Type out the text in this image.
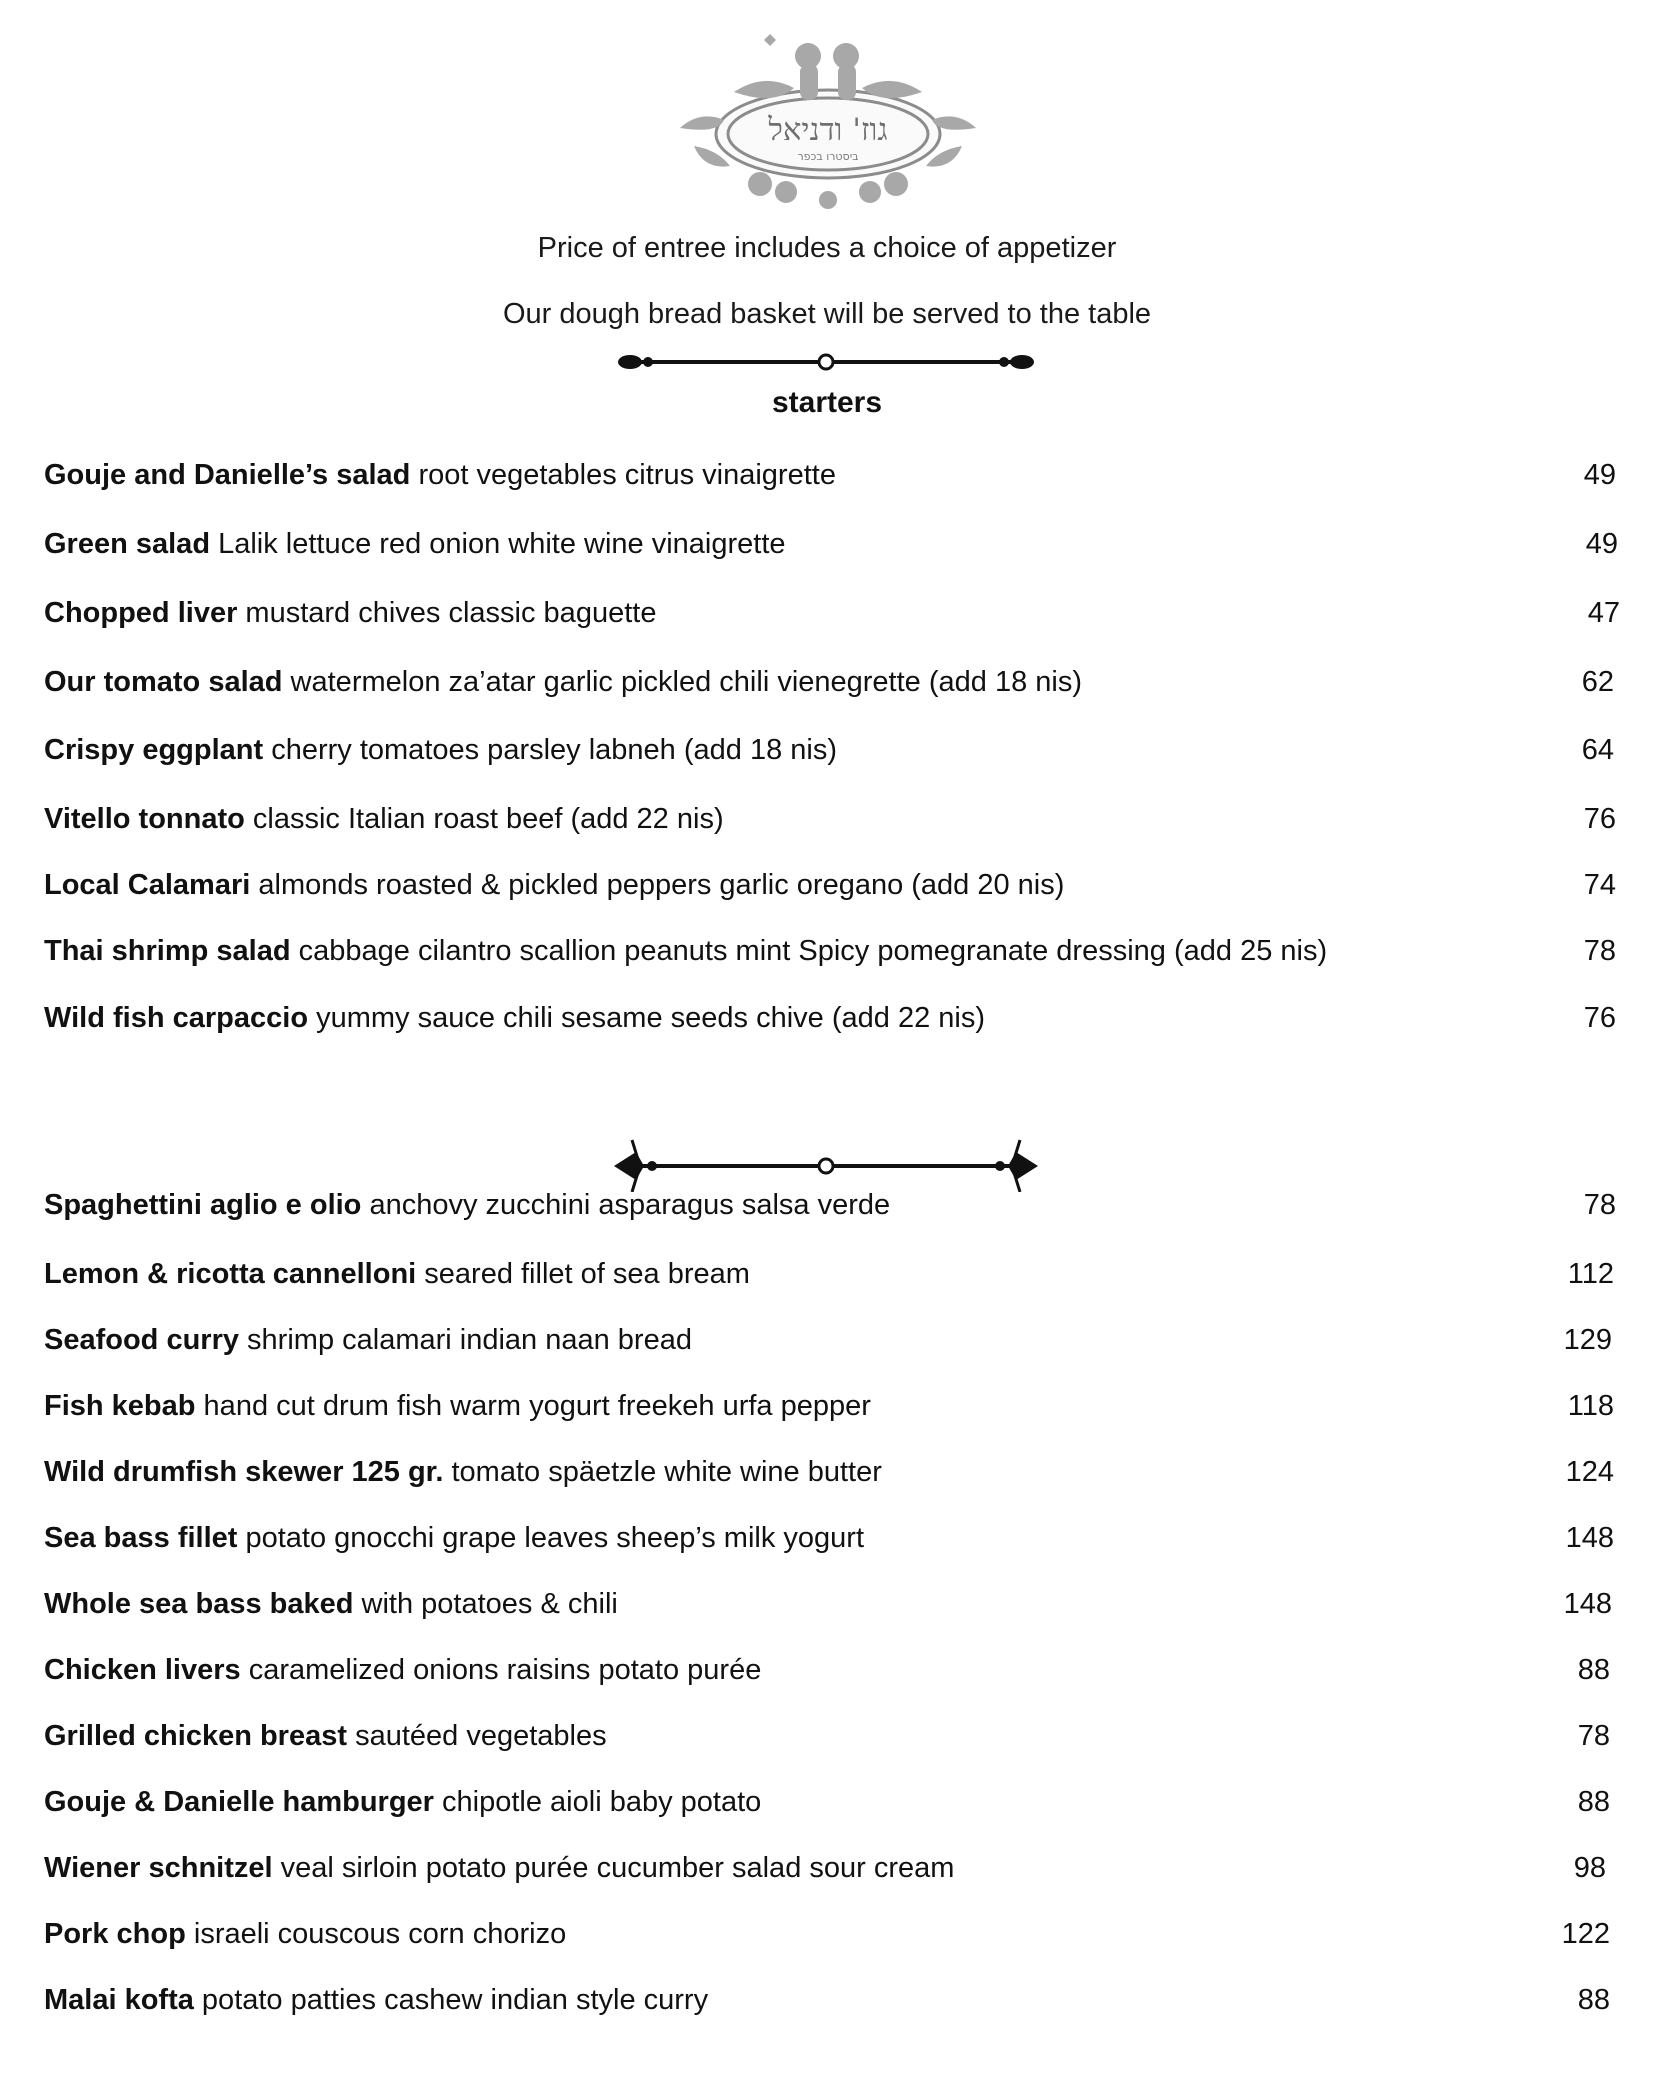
גוז' ודניאל
ביסטרו בכפר
Price of entree includes a choice of appetizer
Our dough bread basket will be served to the table
starters
Gouje and Danielle’s salad root vegetables citrus vinaigrette	49
Green salad Lalik lettuce red onion white wine vinaigrette	49
Chopped liver mustard chives classic baguette	47
Our tomato salad watermelon za’atar garlic pickled chili vienegrette (add 18 nis)	62
Crispy eggplant cherry tomatoes parsley labneh (add 18 nis)	64
Vitello tonnato classic Italian roast beef (add 22 nis)	76
Local Calamari almonds roasted & pickled peppers garlic oregano (add 20 nis)	74
Thai shrimp salad cabbage cilantro scallion peanuts mint Spicy pomegranate dressing (add 25 nis)	78
Wild fish carpaccio yummy sauce chili sesame seeds chive (add 22 nis)	76
Spaghettini aglio e olio anchovy zucchini asparagus salsa verde	78
Lemon & ricotta cannelloni seared fillet of sea bream	112
Seafood curry shrimp calamari indian naan bread	129
Fish kebab hand cut drum fish warm yogurt freekeh urfa pepper	118
Wild drumfish skewer 125 gr. tomato späetzle white wine butter	124
Sea bass fillet potato gnocchi grape leaves sheep’s milk yogurt	148
Whole sea bass baked with potatoes & chili	148
Chicken livers caramelized onions raisins potato purée	88
Grilled chicken breast sautéed vegetables	78
Gouje & Danielle hamburger chipotle aioli baby potato	88
Wiener schnitzel veal sirloin potato purée cucumber salad sour cream	98
Pork chop israeli couscous corn chorizo	122
Malai kofta potato patties cashew indian style curry	88
